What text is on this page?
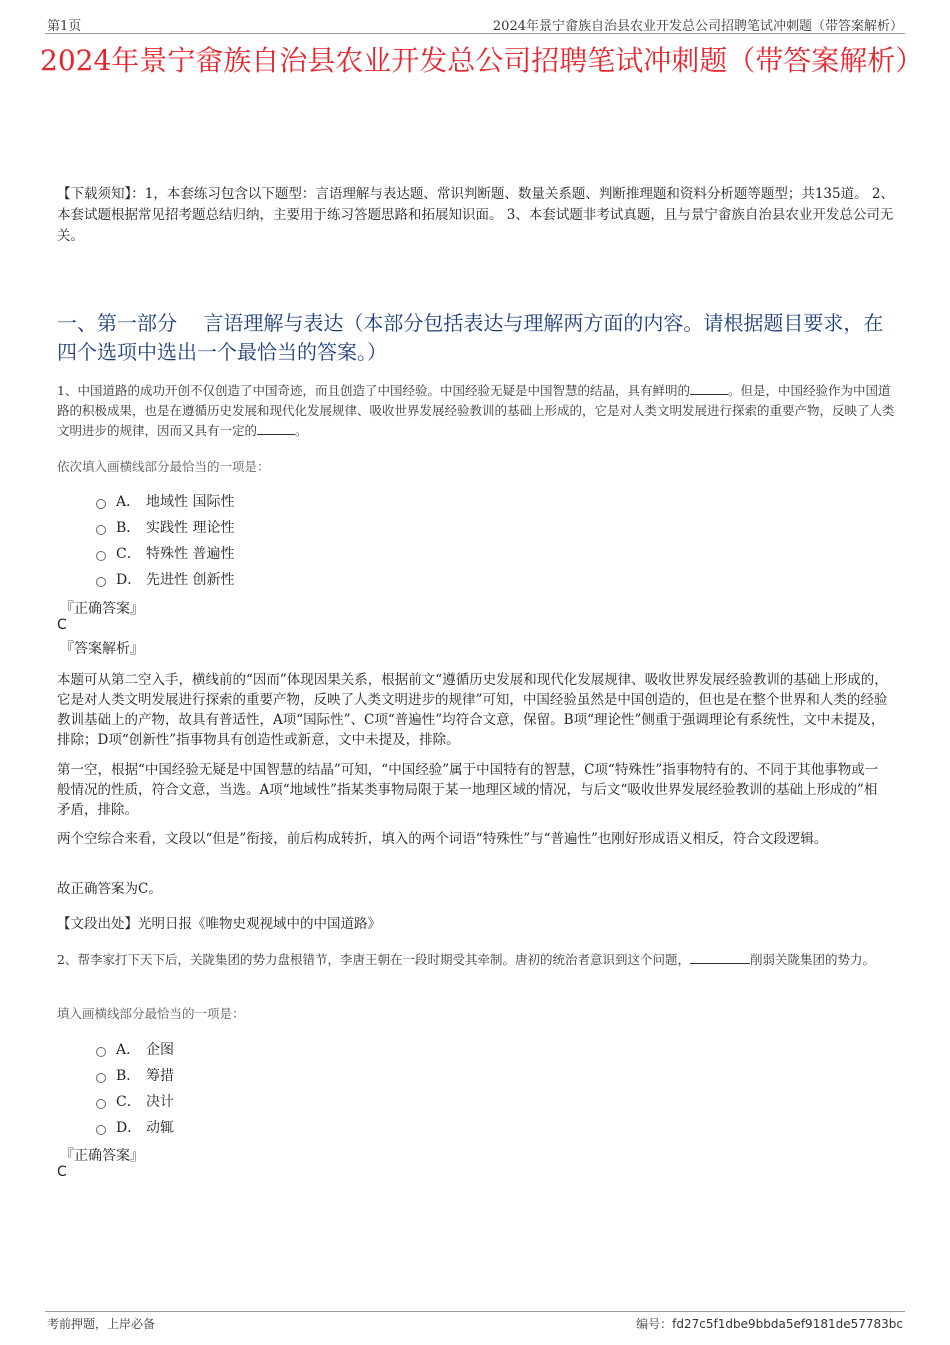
第1页	2024年景宁畲族自治县农业开发总公司招聘笔试冲刺题（带答案解析）
2024年景宁畲族自治县农业开发总公司招聘笔试冲刺题（带答案解析）
【下载须知】：1，本套练习包含以下题型：言语理解与表达题、常识判断题、数量关系题、判断推理题和资料分析题等题型；共135道。 2、本套试题根据常见招考题总结归纳，主要用于练习答题思路和拓展知识面。 3、本套试题非考试真题，且与景宁畲族自治县农业开发总公司无关。
一、第一部分　 言语理解与表达（本部分包括表达与理解两方面的内容。请根据题目要求，在四个选项中选出一个最恰当的答案。）
1、中国道路的成功开创不仅创造了中国奇迹，而且创造了中国经验。中国经验无疑是中国智慧的结晶，具有鲜明的	。但是，中国经验作为中国道路的积极成果，也是在遵循历史发展和现代化发展规律、吸收世界发展经验教训的基础上形成的，它是对人类文明发展进行探索的重要产物，反映了人类文明进步的规律，因而又具有一定的	。
依次填入画横线部分最恰当的一项是：
A． 地域性 国际性
B． 实践性 理论性
C． 特殊性 普遍性
D． 先进性 创新性
『正确答案』
C
『答案解析』
本题可从第二空入手，横线前的“因而”体现因果关系，根据前文“遵循历史发展和现代化发展规律、吸收世界发展经验教训的基础上形成的，它是对人类文明发展进行探索的重要产物，反映了人类文明进步的规律”可知，中国经验虽然是中国创造的，但也是在整个世界和人类的经验教训基础上的产物，故具有普适性，A项“国际性”、C项“普遍性”均符合文意，保留。B项“理论性”侧重于强调理论有系统性，文中未提及，排除；D项“创新性”指事物具有创造性或新意，文中未提及，排除。
第一空，根据“中国经验无疑是中国智慧的结晶”可知，“中国经验”属于中国特有的智慧，C项“特殊性”指事物特有的、不同于其他事物或一般情况的性质，符合文意，当选。A项“地域性”指某类事物局限于某一地理区域的情况，与后文“吸收世界发展经验教训的基础上形成的”相矛盾，排除。
两个空综合来看，文段以“但是”衔接，前后构成转折，填入的两个词语“特殊性”与“普遍性”也刚好形成语义相反，符合文段逻辑。
故正确答案为C。
【文段出处】光明日报《唯物史观视域中的中国道路》
2、帮李家打下天下后，关陇集团的势力盘根错节，李唐王朝在一段时期受其牵制。唐初的统治者意识到这个问题，	削弱关陇集团的势力。
填入画横线部分最恰当的一项是：
A． 企图
B． 筹措
C． 决计
D． 动辄
『正确答案』
C
考前押题，上岸必备	编号：fd27c5f1dbe9bbda5ef9181de57783bc
